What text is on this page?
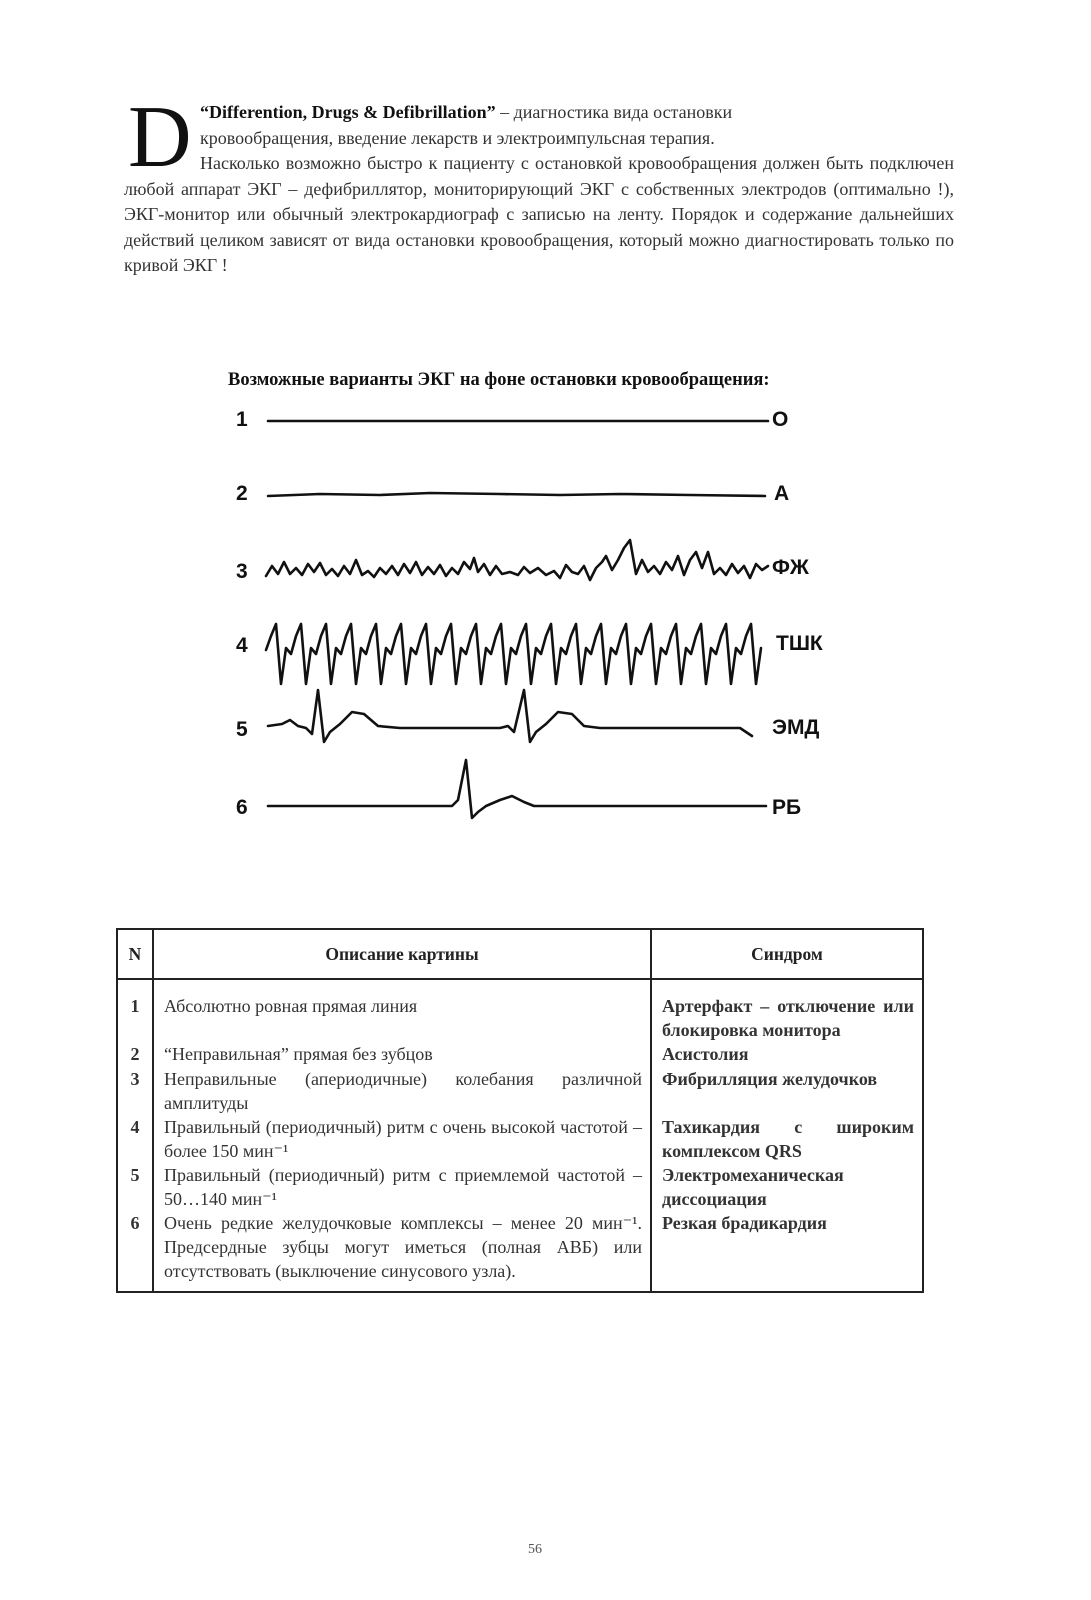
D “Differention, Drugs & Defibrillation” – диагностика вида остановки

кровообращения, введение лекарств и электроимпульсная терапия.

Насколько возможно быстро к пациенту с остановкой кровообращения должен быть подключен любой аппарат ЭКГ – дефибриллятор, мониторирующий ЭКГ с собственных электродов (оптимально !), ЭКГ-монитор или обычный электрокардиограф с записью на ленту. Порядок и содержание дальнейших действий целиком зависят от вида остановки кровообращения, который можно диагностировать только по кривой ЭКГ !

Возможные варианты ЭКГ на фоне остановки кровообращения:
1	О
2	А
3	ФЖ
4	ТШК
5	ЭМД
6	РБ
N	Описание картины	Синдром
1	Абсолютно ровная прямая линия	Артерфакт – отключение или блокировка монитора
2	“Неправильная” прямая без зубцов	Асистолия
3	Неправильные (апериодичные) колебания различной амплитуды	Фибрилляция желудочков
4	Правильный (периодичный) ритм с очень высокой частотой – более 150 мин⁻¹	Тахикардия с широким комплексом QRS
5	Правильный (периодичный) ритм с приемлемой частотой – 50…140 мин⁻¹	Электромеханическая диссоциация
6	Очень редкие желудочковые комплексы – менее 20 мин⁻¹. Предсердные зубцы могут иметься (полная АВБ) или отсутствовать (выключение синусового узла).	Резкая брадикардия
56
